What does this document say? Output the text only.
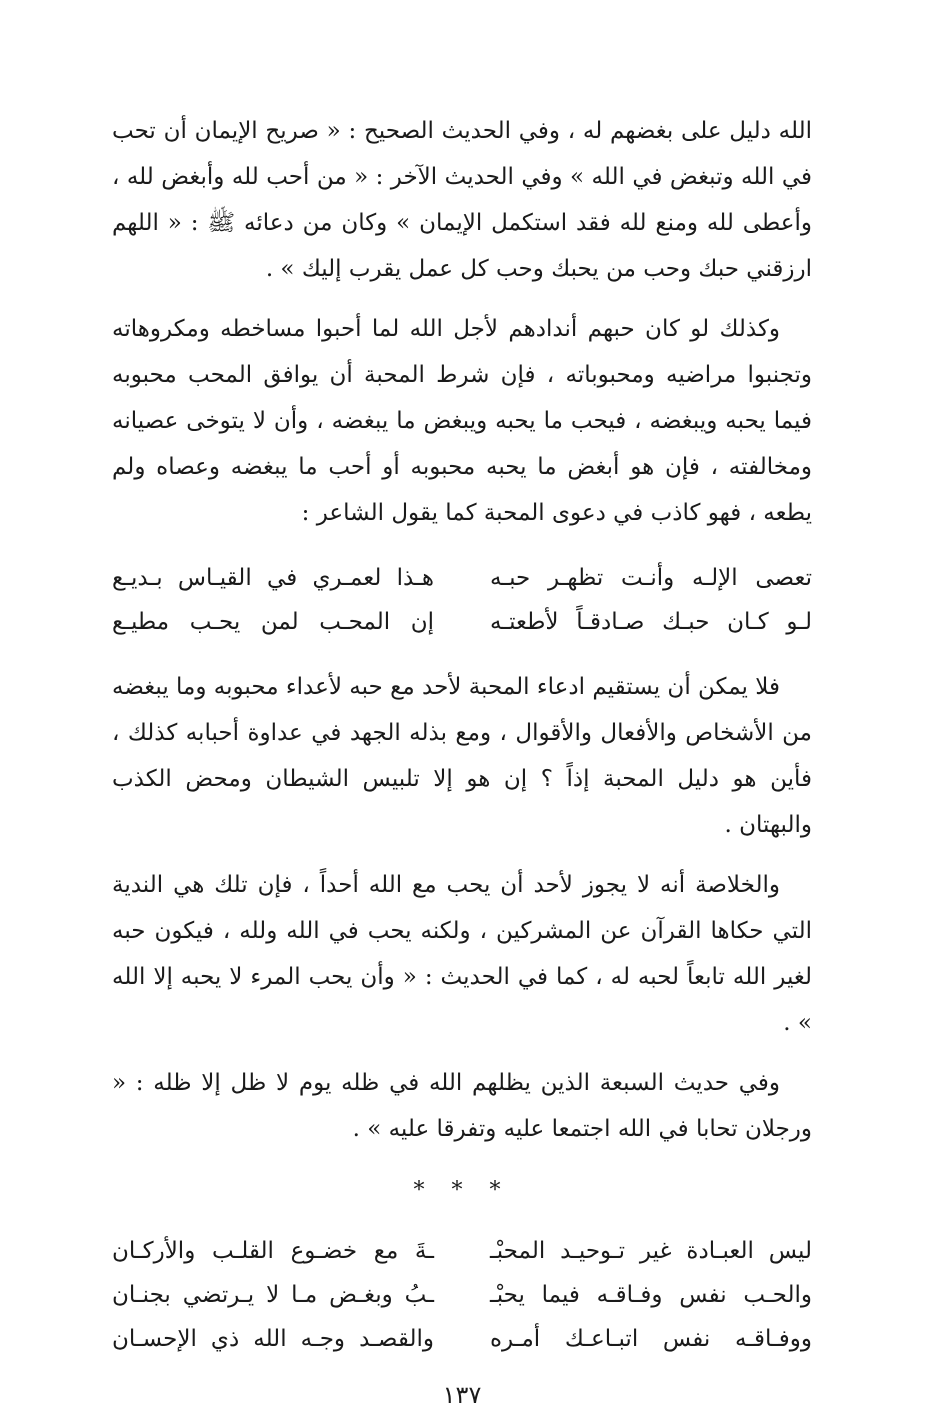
الله دليل على بغضهم له ، وفي الحديث الصحيح : « صريح الإيمان أن تحب في الله وتبغض في الله » وفي الحديث الآخر : « من أحب لله وأبغض لله ، وأعطى لله ومنع لله فقد استكمل الإيمان » وكان من دعائه ﷺ : « اللهم ارزقني حبك وحب من يحبك وحب كل عمل يقرب إليك » .

وكذلك لو كان حبهم أندادهم لأجل الله لما أحبوا مساخطه ومكروهاته وتجنبوا مراضيه ومحبوباته ، فإن شرط المحبة أن يوافق المحب محبوبه فيما يحبه ويبغضه ، فيحب ما يحبه ويبغض ما يبغضه ، وأن لا يتوخى عصيانه ومخالفته ، فإن هو أبغض ما يحبه محبوبه أو أحب ما يبغضه وعصاه ولم يطعه ، فهو كاذب في دعوى المحبة كما يقول الشاعر :

تعصى الإلـه وأنـت تظهـر حبـه
هـذا لعمـري في القيـاس بـديـع
لـو كـان حبـك صـادقـاً لأطعتـه
إن المحـب لمن يحـب مطيـع

فلا يمكن أن يستقيم ادعاء المحبة لأحد مع حبه لأعداء محبوبه وما يبغضه من الأشخاص والأفعال والأقوال ، ومع بذله الجهد في عداوة أحبابه كذلك ، فأين هو دليل المحبة إذاً ؟ إن هو إلا تلبيس الشيطان ومحض الكذب والبهتان .

والخلاصة أنه لا يجوز لأحد أن يحب مع الله أحداً ، فإن تلك هي الندية التي حكاها القرآن عن المشركين ، ولكنه يحب في الله ولله ، فيكون حبه لغير الله تابعاً لحبه له ، كما في الحديث : « وأن يحب المرء لا يحبه إلا الله » .

وفي حديث السبعة الذين يظلهم الله في ظله يوم لا ظل إلا ظله : « ورجلان تحابا في الله اجتمعا عليه وتفرقا عليه » .

* * *
ليس العبـادة غير تـوحيـد المحبْـ
ـةَ مع خضـوع القلـب والأركـان
والحـب نفس وفـاقـه فيما يحبْـ
ـبُ وبغـض مـا لا يـرتضي بجنـان
ووفـاقـه نفس اتبـاعـك أمـره
والقصـد وجـه الله ذي الإحسـان
١٣٧
